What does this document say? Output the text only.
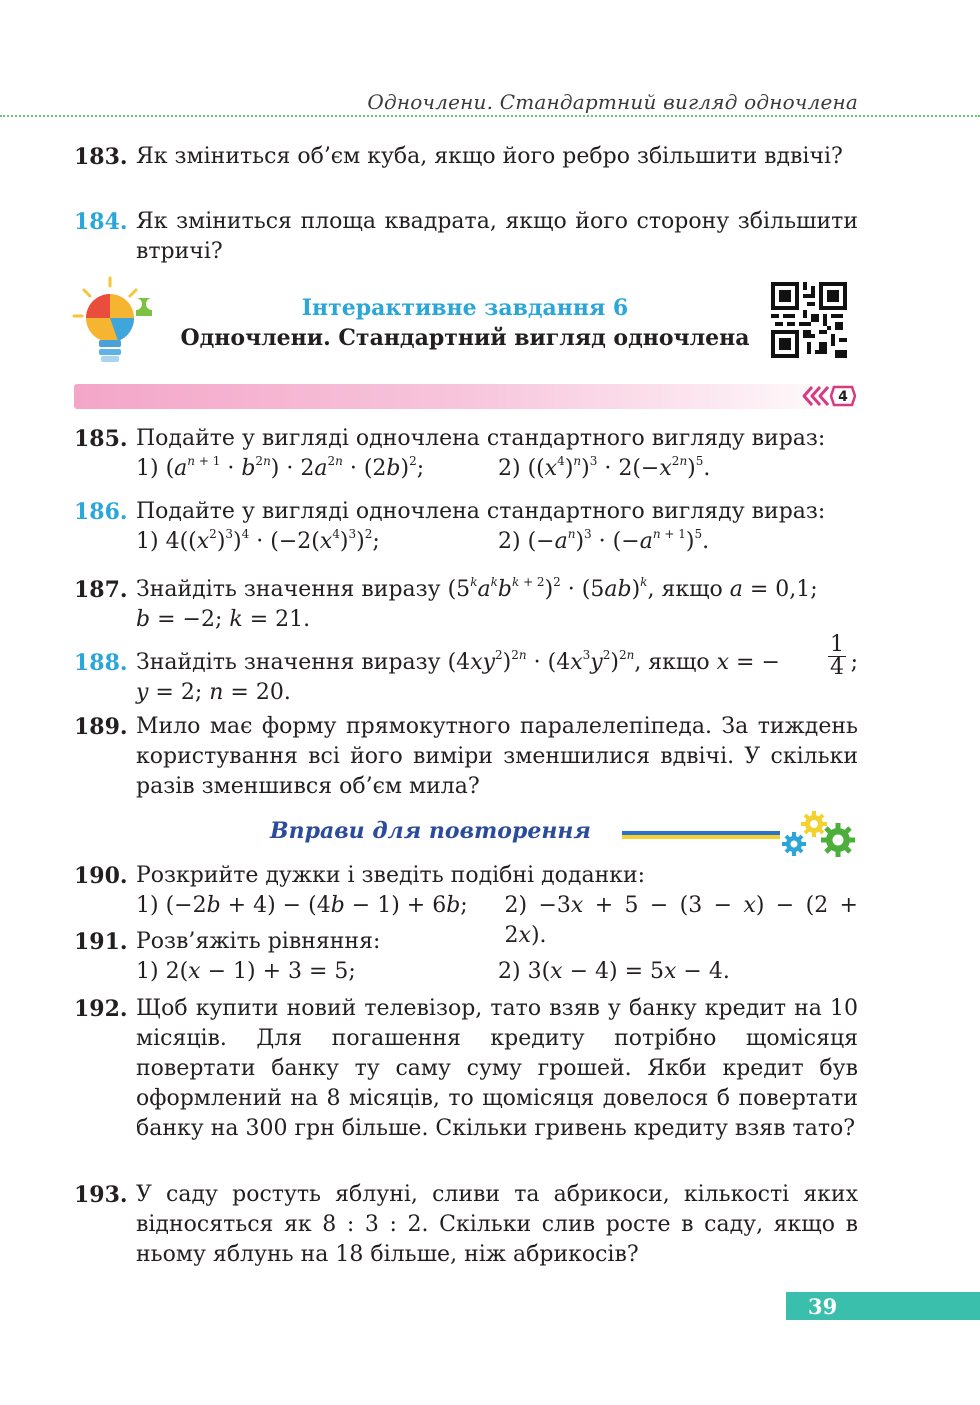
Одночлени. Стандартний вигляд одночлена
183. Як зміниться об’єм куба, якщо його ребро збільшити вдвічі?
184. Як зміниться площа квадрата, якщо його сторону збільшити втричі?
Інтерактивне завдання 6
Одночлени. Стандартний вигляд одночлена
4
185. Подайте у вигляді одночлена стандартного вигляду вираз:
1) $(a^{n + 1} \cdot b^{2n}) \cdot 2a^{2n} \cdot (2b)^2$;	2) $((x^4)^n)^3 \cdot 2(-x^{2n})^5$.
186. Подайте у вигляді одночлена стандартного вигляду вираз:
1) $4((x^2)^3)^4 \cdot (-2(x^4)^3)^2$;	2) $(-a^n)^3 \cdot (-a^{n + 1})^5$.
187. Знайдіть значення виразу $(5^ka^kb^{k + 2})^2 \cdot (5ab)^k$, якщо a = 0,1;
b = −2; k = 21.
188. Знайдіть значення виразу $(4xy^2)^{2n} \cdot (4x^3y^2)^{2n}$, якщо x = − $\frac{1}{4}$ ;
y = 2; n = 20.
189. Мило має форму прямокутного паралелепіпеда. За тиждень користування всі його виміри зменшилися вдвічі. У скільки разів зменшився об’єм мила?
Вправи для повторення
190. Розкрийте дужки і зведіть подібні доданки:
1) (−2b + 4) − (4b − 1) + 6b;	2) −3x + 5 − (3 − x) − (2 + 2x).
191. Розв’яжіть рівняння:
1) 2(x − 1) + 3 = 5;	2) 3(x − 4) = 5x − 4.
192. Щоб купити новий телевізор, тато взяв у банку кредит на 10 місяців. Для погашення кредиту потрібно щомісяця повертати банку ту саму суму грошей. Якби кредит був оформлений на 8 місяців, то щомісяця довелося б повертати банку на 300 грн більше. Скільки гривень кредиту взяв тато?
193. У саду ростуть яблуні, сливи та абрикоси, кількості яких відносяться як 8 : 3 : 2. Скільки слив росте в саду, якщо в ньому яблунь на 18 більше, ніж абрикосів?
39
